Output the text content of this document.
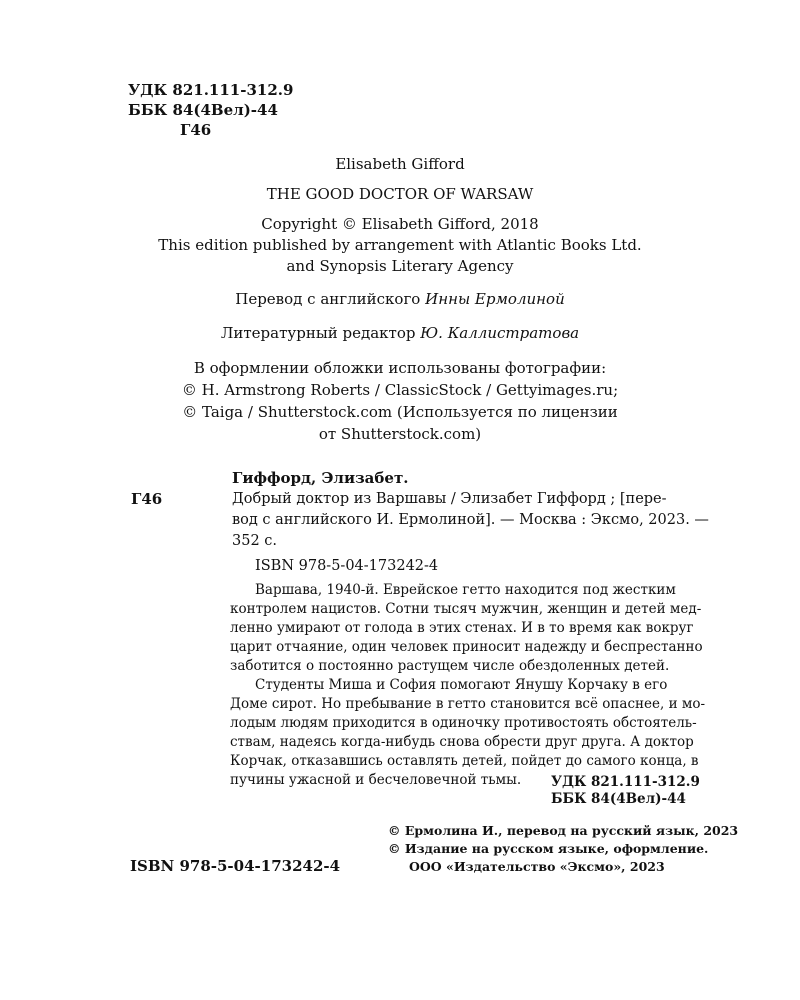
УДК 821.111-312.9
ББК 84(4Вел)-44
Г46
Elisabeth Gifford
THE GOOD DOCTOR OF WARSAW
Copyright © Elisabeth Gifford, 2018
This edition published by arrangement with Atlantic Books Ltd.
and Synopsis Literary Agency
Перевод с английского Инны Ермолиной
Литературный редактор Ю. Каллистратова
В оформлении обложки использованы фотографии:
© H. Armstrong Roberts / ClassicStock / Gettyimages.ru;
© Taiga / Shutterstock.com (Используется по лицензии
от Shutterstock.com)
Гиффорд, Элизабет.
Г46	Добрый доктор из Варшавы / Элизабет Гиффорд ; [пере-
вод с английского И. Ермолиной]. — Москва : Эксмо, 2023. —
352 с.
ISBN 978-5-04-173242-4
Варшава, 1940-й. Еврейское гетто находится под жестким
контролем нацистов. Сотни тысяч мужчин, женщин и детей мед-
ленно умирают от голода в этих стенах. И в то время как вокруг
царит отчаяние, один человек приносит надежду и беспрестанно
заботится о постоянно растущем числе обездоленных детей.
Студенты Миша и София помогают Янушу Корчаку в его
Доме сирот. Но пребывание в гетто становится всё опаснее, и мо-
лодым людям приходится в одиночку противостоять обстоятель-
ствам, надеясь когда-нибудь снова обрести друг друга. А доктор
Корчак, отказавшись оставлять детей, пойдет до самого конца, в
пучины ужасной и бесчеловечной тьмы.	УДК 821.111-312.9
ББК 84(4Вел)-44
© Ермолина И., перевод на русский язык, 2023
© Издание на русском языке, оформление.
ООО «Издательство «Эксмо», 2023
ISBN 978-5-04-173242-4
